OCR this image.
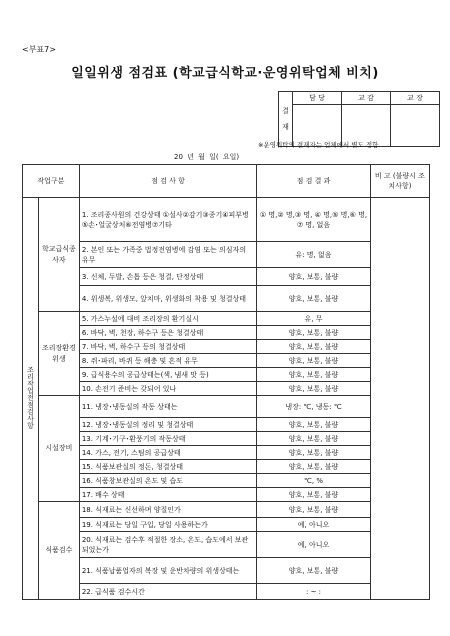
<부표7>
일일위생 점검표 (학교급식학교·운영위탁업체 비치)
결 재	담 당	교 감	교 장

※운영위탁의 결재자는 업체에서 별도 정함
20 년 월 일( 요일)
작업구분		점 검 사 항	점 검 결 과	비 고 (불량시 조치사항)
조리작업전점검사항	학교급식종사자	1. 조리종사원의 건강상태 ①설사②감기③종기④피부병⑤손･얼굴상처⑥전염병⑦기타	① 명,② 명,③ 명, ④ 명,⑤ 명,⑥ 명, ⑦ 명, 없음	
		2. 본인 또는 가족중 법정전염병에 감염 또는 의심자의 유무	유: 명, 없음	
		3. 신체, 두발, 손톱 등은 청결, 단정상태	양호, 보통, 불량	
		4. 위생복, 위생모, 앞치마, 위생화의 착용 및 청결상태	양호, 보통, 불량	
	조리장환경위생	5. 가스누설에 대비 조리장의 환기실시	유, 무	
		6. 바닥, 벽, 천장, 하수구 등은 청결상태	양호, 보통, 불량	
		7. 바닥, 벽, 하수구 등의 청결상태	양호, 보통, 불량	
		8. 쥐･파리, 바퀴 등 해충 및 흔적 유무	양호, 보통, 불량	
		9. 급식용수의 공급상태는(색, 냄새 맛 등)	양호, 보통, 불량	
		10. 손전기 준비는 갖되어 있나	양호, 보통, 불량	
	시설장비	11. 냉장･냉동실의 작동 상태는	냉장: ℃, 냉동: ℃	
		12. 냉장･냉동실의 정리 및 청결상태	양호, 보통, 불량	
		13. 기계･기구･환풍기의 작동상태	양호, 보통, 불량	
		14. 가스, 전기, 스팀의 공급상태	양호, 보통, 불량	
		15. 식품보관실의 정돈, 청결상태	양호, 보통, 불량	
		16. 식품창보관실의 온도 및 습도	℃, %	
		17. 배수 상태	양호, 보통, 불량	
	식품검수	18. 식재료는 신선하며 양질인가	양호, 보통, 불량	
		19. 식재료는 당일 구입, 당일 사용하는가	예, 아니오	
		20. 식재료는 검수후 적절한 장소, 온도, 습도에서 보관되었는가	예, 아니오	
		21. 식품납품업자의 복장 및 운반차량의 위생상태는	양호, 보통, 불량	
		22. 급식품 검수시간	: ~ :	
